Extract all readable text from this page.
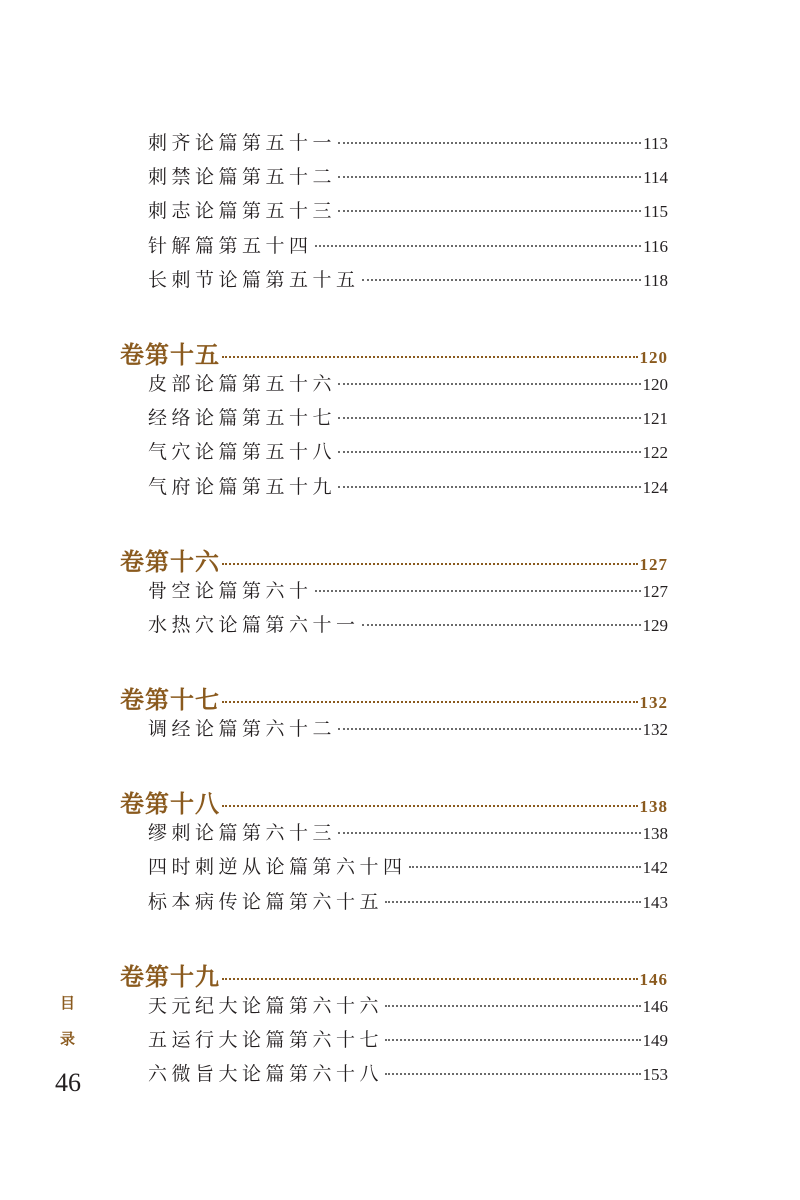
刺齐论篇第五十一	113
刺禁论篇第五十二	114
刺志论篇第五十三	115
针解篇第五十四	116
长刺节论篇第五十五	118
卷第十五	120
皮部论篇第五十六	120
经络论篇第五十七	121
气穴论篇第五十八	122
气府论篇第五十九	124
卷第十六	127
骨空论篇第六十	127
水热穴论篇第六十一	129
卷第十七	132
调经论篇第六十二	132
卷第十八	138
缪刺论篇第六十三	138
四时刺逆从论篇第六十四	142
标本病传论篇第六十五	143
卷第十九	146
天元纪大论篇第六十六	146
五运行大论篇第六十七	149
六微旨大论篇第六十八	153
目
录
46
